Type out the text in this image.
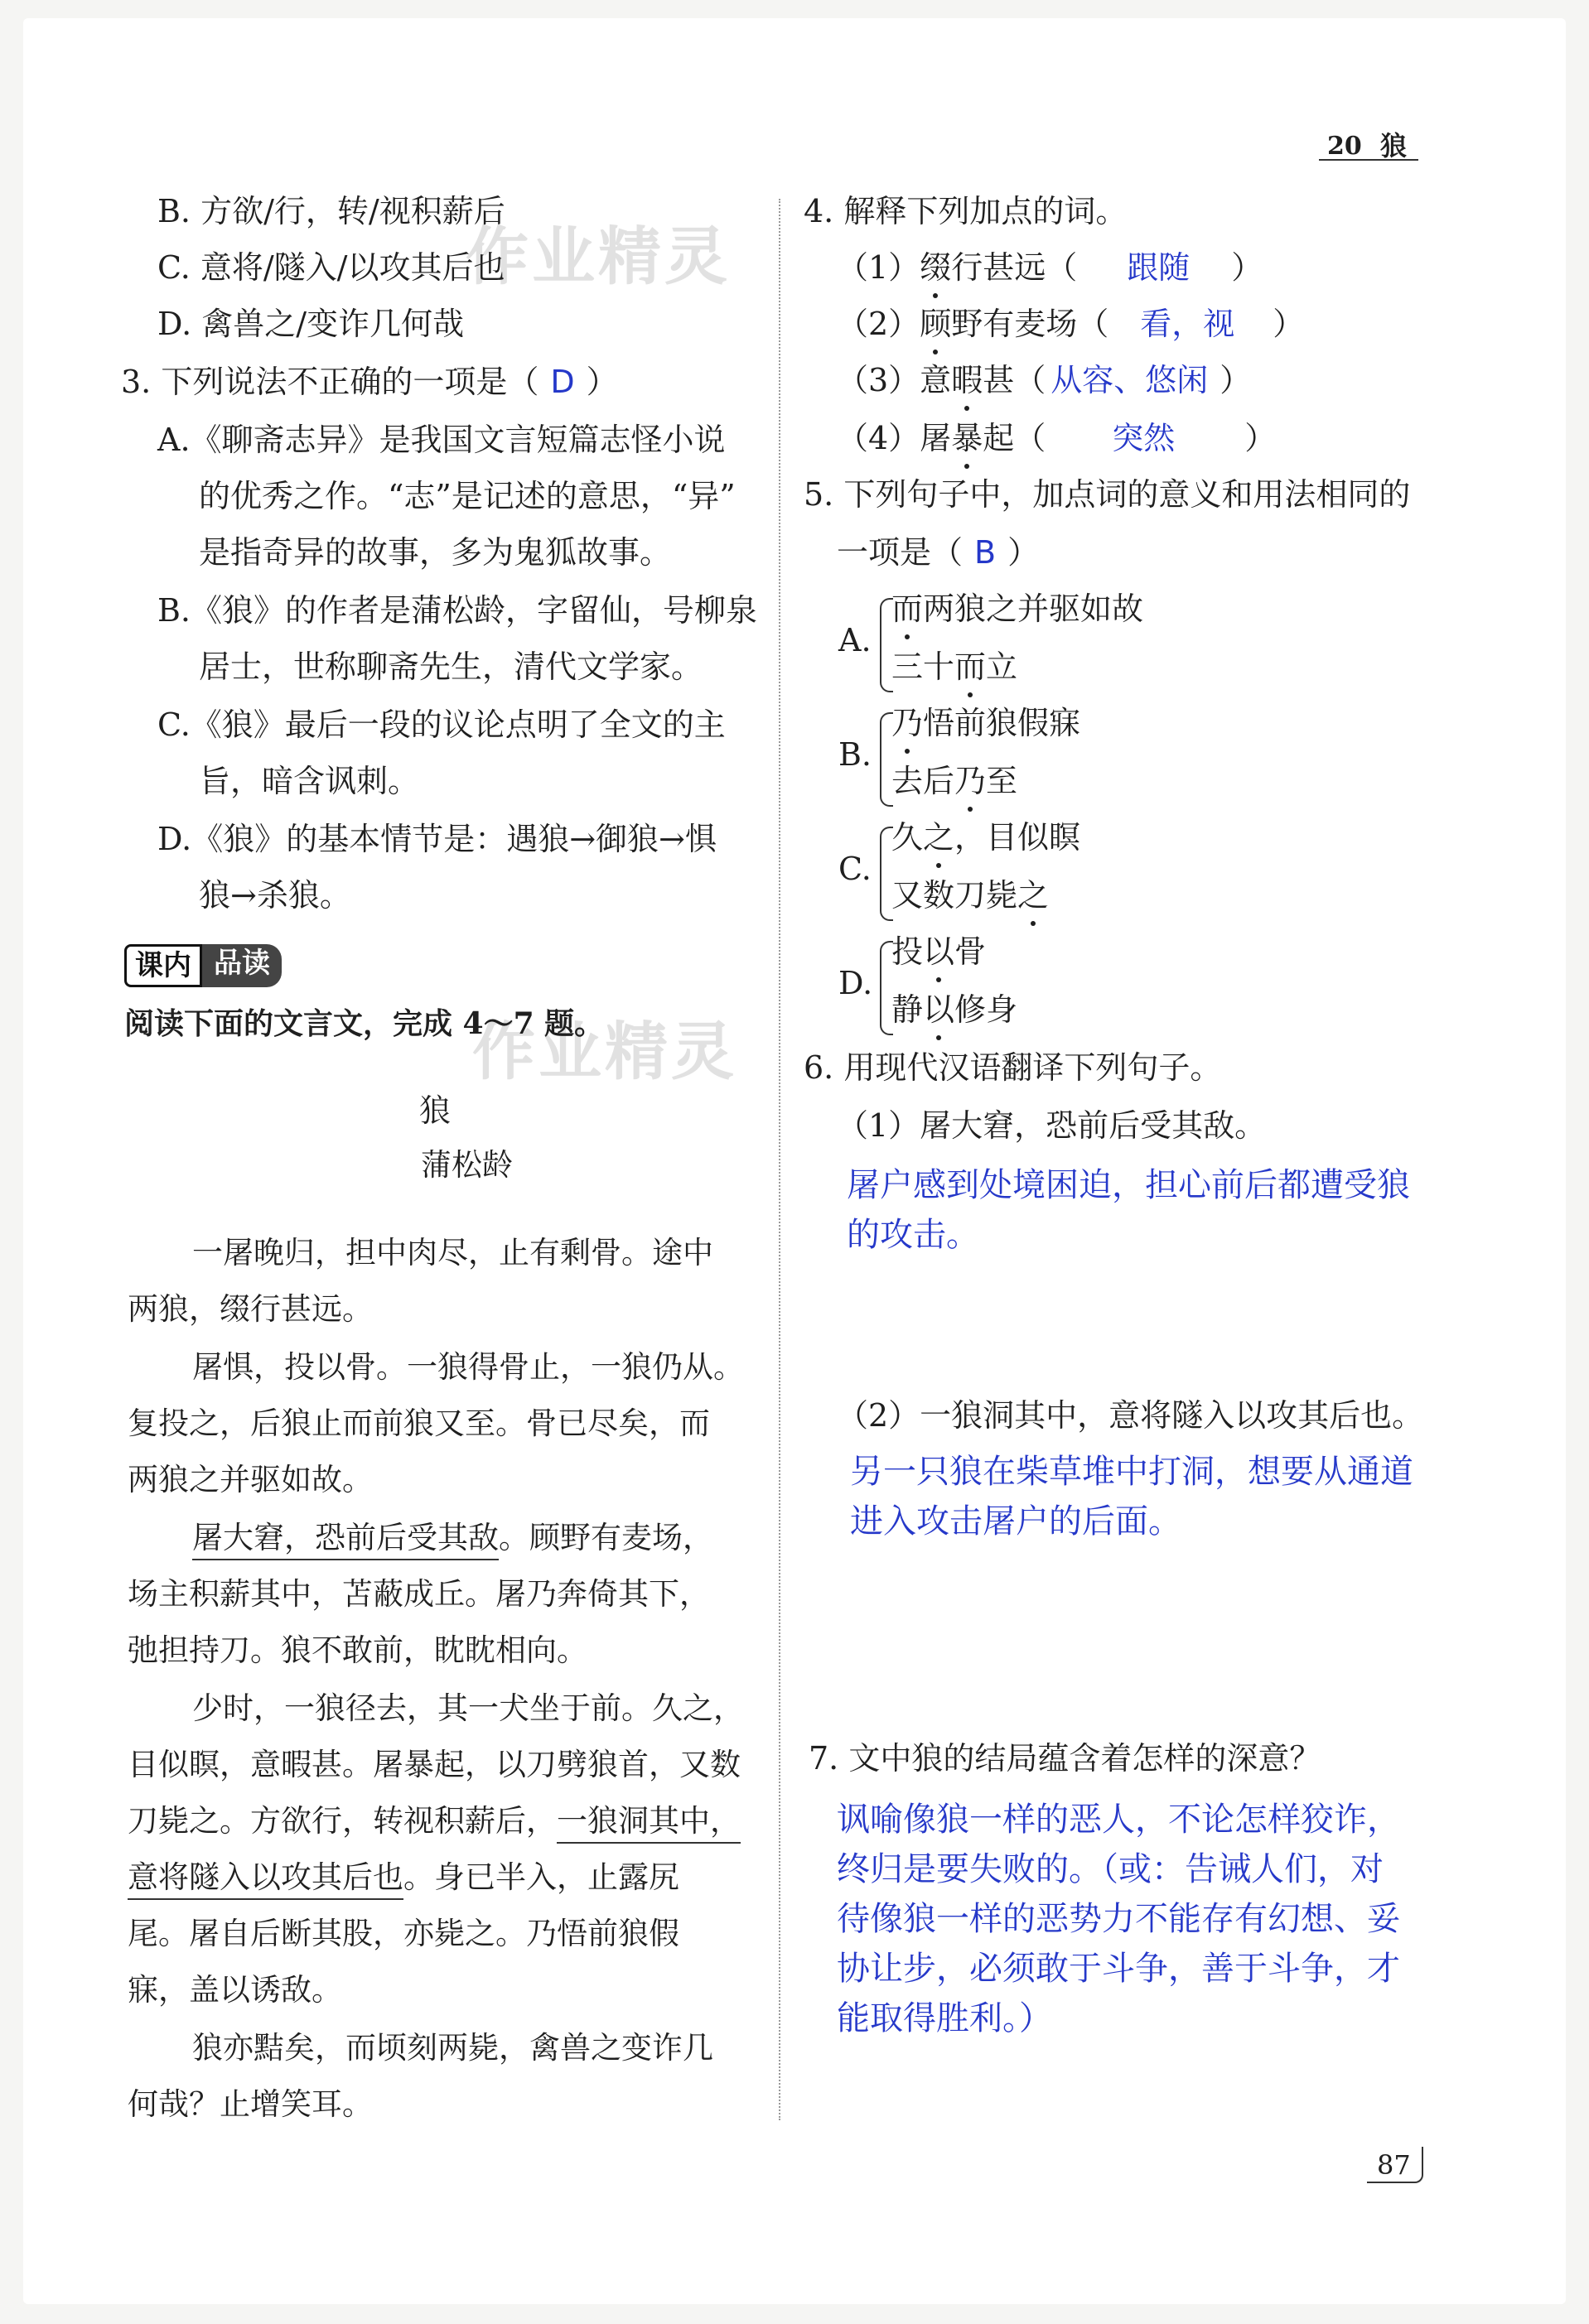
作业精灵
作业精灵
20 狼
B. 方欲/行，转/视积薪后
C. 意将/隧入/以攻其后也
D. 禽兽之/变诈几何哉
3. 下列说法不正确的一项是（ D ）
A.《聊斋志异》是我国文言短篇志怪小说
的优秀之作。“志”是记述的意思，“异”
是指奇异的故事，多为鬼狐故事。
B.《狼》的作者是蒲松龄，字留仙，号柳泉
居士，世称聊斋先生，清代文学家。
C.《狼》最后一段的议论点明了全文的主
旨，暗含讽刺。
D.《狼》的基本情节是：遇狼→御狼→惧
狼→杀狼。
课内 品读
阅读下面的文言文，完成 4～7 题。
狼
蒲松龄
一屠晚归，担中肉尽，止有剩骨。途中
两狼，缀行甚远。
屠惧，投以骨。一狼得骨止，一狼仍从。
复投之，后狼止而前狼又至。骨已尽矣，而
两狼之并驱如故。
屠大窘，恐前后受其敌。顾野有麦场，
场主积薪其中，苫蔽成丘。屠乃奔倚其下，
弛担持刀。狼不敢前，眈眈相向。
少时，一狼径去，其一犬坐于前。久之，
目似瞑，意暇甚。屠暴起，以刀劈狼首，又数
刀毙之。方欲行，转视积薪后，一狼洞其中，
意将隧入以攻其后也。身已半入，止露尻
尾。屠自后断其股，亦毙之。乃悟前狼假
寐，盖以诱敌。
狼亦黠矣，而顷刻两毙，禽兽之变诈几
何哉？止增笑耳。
4. 解释下列加点的词。
（1）缀行甚远（ 跟随 ）
（2）顾野有麦场（ 看，视 ）
（3）意暇甚（ 从容、悠闲 ）
（4）屠暴起（ 突然 ）
5. 下列句子中，加点词的意义和用法相同的
一项是（ B ）
A.
而两狼之并驱如故
三十而立
B.
乃悟前狼假寐
去后乃至
C.
久之，目似瞑
又数刀毙之
D.
投以骨
静以修身
6. 用现代汉语翻译下列句子。
（1）屠大窘，恐前后受其敌。
屠户感到处境困迫，担心前后都遭受狼
的攻击。
（2）一狼洞其中，意将隧入以攻其后也。
另一只狼在柴草堆中打洞，想要从通道
进入攻击屠户的后面。
7. 文中狼的结局蕴含着怎样的深意？
讽喻像狼一样的恶人，不论怎样狡诈，
终归是要失败的。（或：告诫人们，对
待像狼一样的恶势力不能存有幻想、妥
协让步，必须敢于斗争，善于斗争，才
能取得胜利。）
87
